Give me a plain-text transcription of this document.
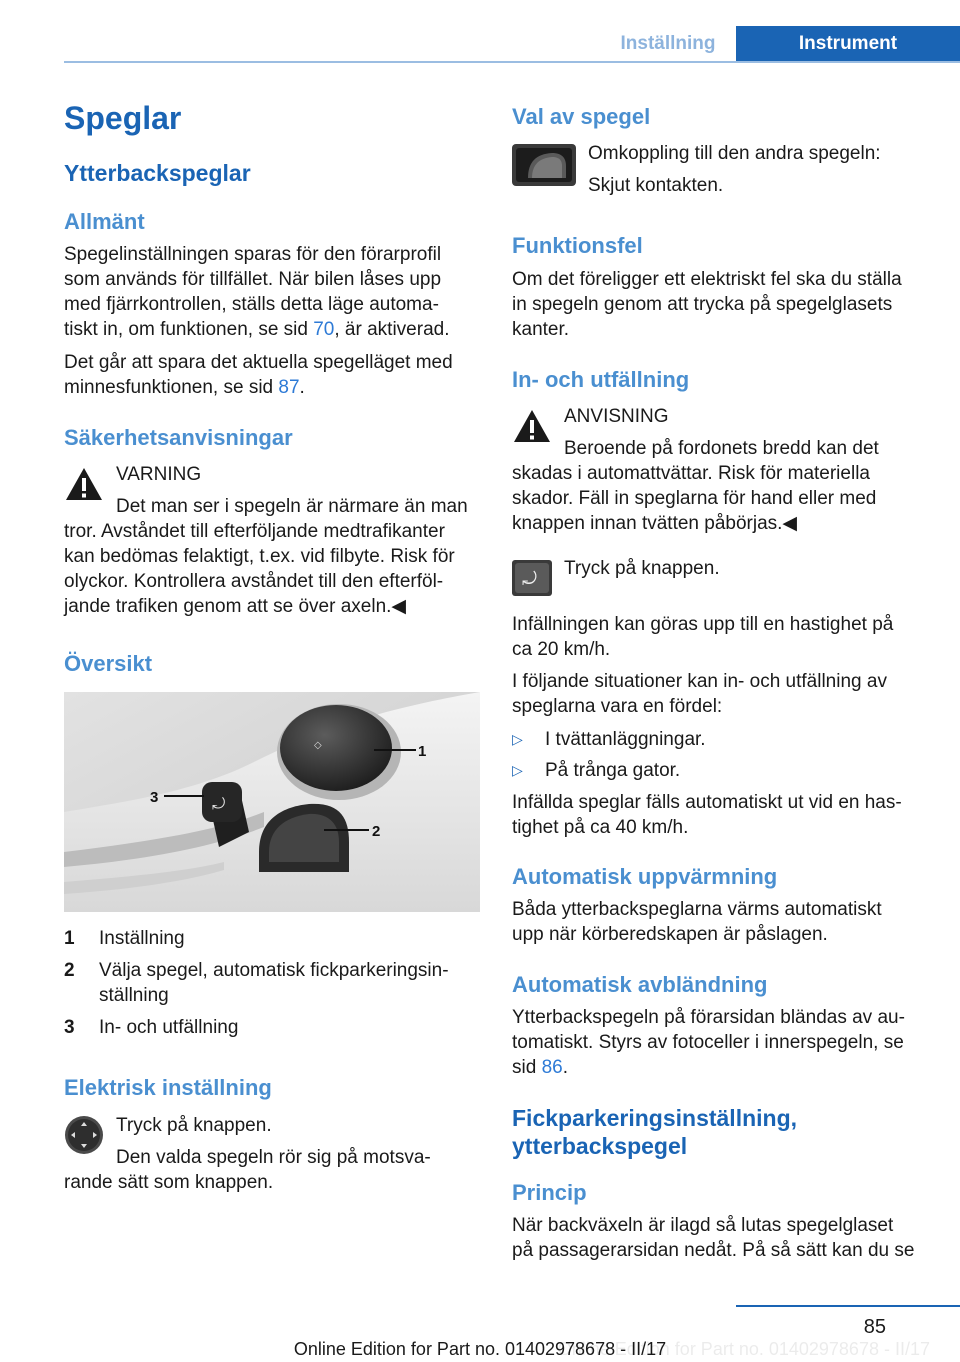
Inställning	Instrument
Speglar
Ytterbackspeglar
Allmänt

Spegelinställningen sparas för den förarprofil

som används för tillfället. När bilen låses upp

med fjärrkontrollen, ställs detta läge automa-

tiskt in, om funktionen, se sid 70, är aktiverad.

Det går att spara det aktuella spegelläget med

minnesfunktionen, se sid 87.

Säkerhetsanvisningar

VARNING

Det man ser i spegeln är närmare än man

tror. Avståndet till efterföljande medtrafikanter

kan bedömas felaktigt, t.ex. vid filbyte. Risk för

olyckor. Kontrollera avståndet till den efterföl-

jande trafiken genom att se över axeln.◀

Översikt
◇
⤾
1
2
3
1 Inställning
2 Välja spegel, automatisk fickparkeringsin-
ställning
3 In- och utfällning
Elektrisk inställning

Tryck på knappen.

Den valda spegeln rör sig på motsva-

rande sätt som knappen.

Val av spegel

Omkoppling till den andra spegeln:

Skjut kontakten.

Funktionsfel

Om det föreligger ett elektriskt fel ska du ställa

in spegeln genom att trycka på spegelglasets

kanter.

In- och utfällning

ANVISNING

Beroende på fordonets bredd kan det

skadas i automattvättar. Risk för materiella

skador. Fäll in speglarna för hand eller med

knappen innan tvätten påbörjas.◀

⤾

Tryck på knappen.

Infällningen kan göras upp till en hastighet på

ca 20 km/h.

I följande situationer kan in- och utfällning av

speglarna vara en fördel:

▷ I tvättanläggningar.
▷ På trånga gator.

Infällda speglar fälls automatiskt ut vid en has-

tighet på ca 40 km/h.

Automatisk uppvärmning

Båda ytterbackspeglarna värms automatiskt

upp när körberedskapen är påslagen.

Automatisk avbländning

Ytterbackspegeln på förarsidan bländas av au-

tomatiskt. Styrs av fotoceller i innerspegeln, se

sid 86.

Fickparkeringsinställning,
ytterbackspegel
Princip

När backväxeln är ilagd så lutas spegelglaset

på passagerarsidan nedåt. På så sätt kan du se

85
Online Edition for Part no. 01402978678 - II/17
Online Edition for Part no. 01402978678 - II/17
